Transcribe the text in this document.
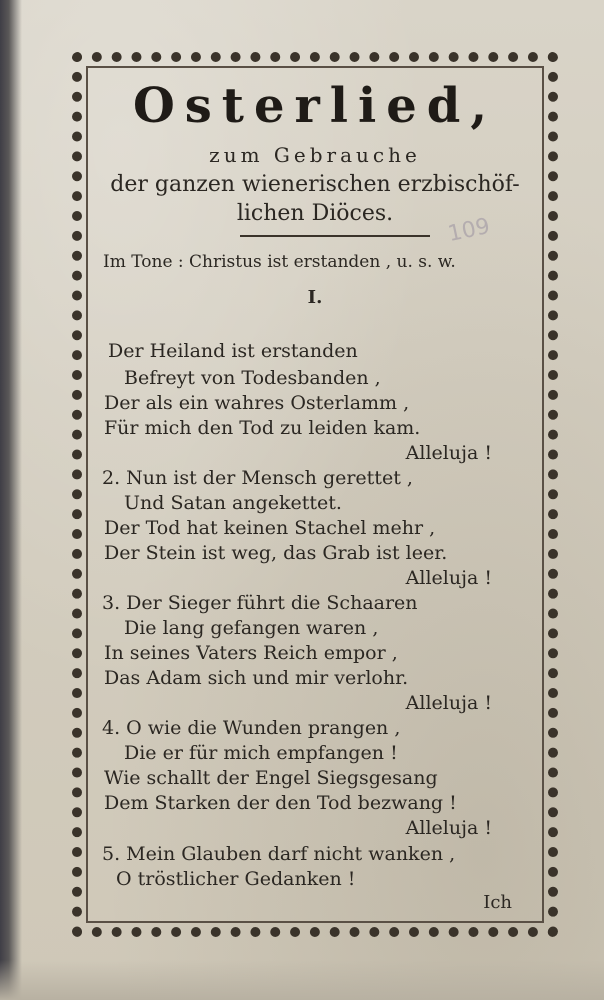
Osterlied,
zum Gebrauche
der ganzen wienerischen erzbischöf-
lichen Diöces.
Im Tone : Christus ist erstanden , u. s. w.
109
I.
Der Heiland ist erstanden
Befreyt von Todesbanden ,
Der als ein wahres Osterlamm ,
Für mich den Tod zu leiden kam.
Alleluja !
2. Nun ist der Mensch gerettet ,
Und Satan angekettet.
Der Tod hat keinen Stachel mehr ,
Der Stein ist weg, das Grab ist leer.
Alleluja !
3. Der Sieger führt die Schaaren
Die lang gefangen waren ,
In seines Vaters Reich empor ,
Das Adam sich und mir verlohr.
Alleluja !
4. O wie die Wunden prangen ,
Die er für mich empfangen !
Wie schallt der Engel Siegsgesang
Dem Starken der den Tod bezwang !
Alleluja !
5. Mein Glauben darf nicht wanken ,
O tröstlicher Gedanken !
Ich
